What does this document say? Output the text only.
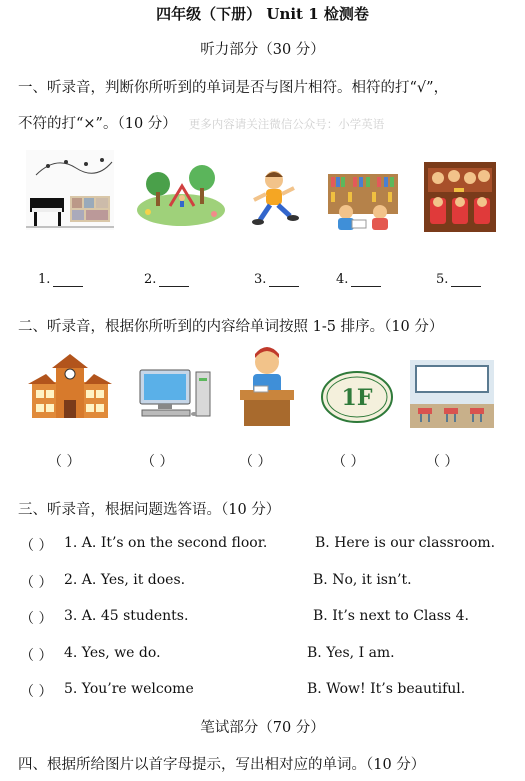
四年级（下册） Unit 1 检测卷
听力部分（30 分）
一、听录音，判断你所听到的单词是否与图片相符。相符的打“√”，
不符的打“×”。（10 分） 更多内容请关注微信公众号：小学英语
1.	2.	3.	4.	5.
二、听录音，根据你所听到的内容给单词按照 1-5 排序。（10 分）
1F
（ ）	（ ）	（ ）	（ ）	（ ）
三、听录音，根据问题选答语。（10 分）
（ ） 1. A. It’s on the second floor.	B. Here is our classroom.
（ ） 2. A. Yes, it does.	B. No, it isn’t.
（ ） 3. A. 45 students.	B. It’s next to Class 4.
（ ） 4. Yes, we do.	B. Yes, I am.
（ ） 5. You’re welcome	B. Wow! It’s beautiful.
笔试部分（70 分）
四、根据所给图片以首字母提示，写出相对应的单词。（10 分）
